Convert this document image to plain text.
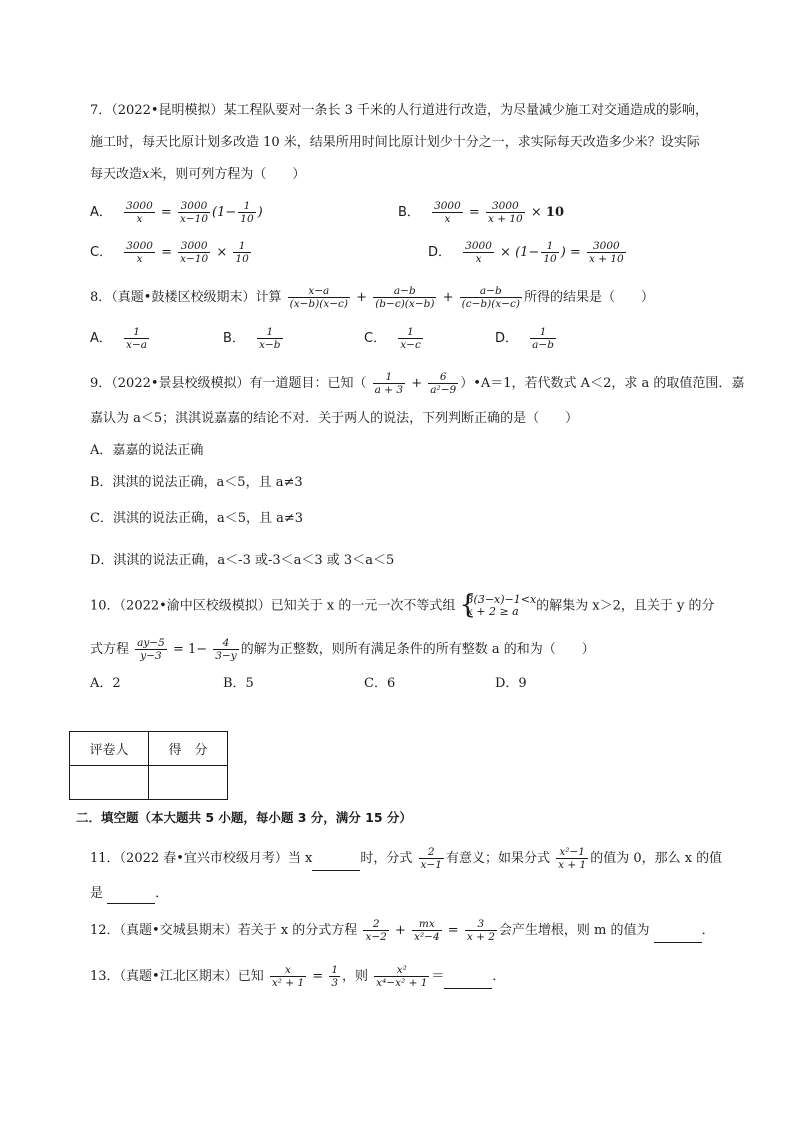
7．（2022•昆明模拟）某工程队要对一条长 3 千米的人行道进行改造，为尽量减少施工对交通造成的影响，
施工时，每天比原计划多改造 10 米，结果所用时间比原计划少十分之一，求实际每天改造多少米？设实际
每天改造x米，则可列方程为（　　）
A． $\frac{3000}{x} = \frac{3000}{x-10} (1- \frac{1}{10}$ )	B． $\frac{3000}{x} = \frac{3000}{x + 10} \times 10$
C． $\frac{3000}{x} = \frac{3000}{x-10} \times \frac{1}{10}$	D． $\frac{3000}{x} \times (1- \frac{1}{10}$ ) = $\frac{3000}{x + 10}$
8．（真题•鼓楼区校级期末）计算 $\frac{x-a}{(x-b)(x-c)} + \frac{a-b}{(b-c)(x-b)} + \frac{a-b}{(c-b)(x-c)}$ 所得的结果是（　　）
A． $\frac{1}{x-a}$	B． $\frac{1}{x-b}$	C． $\frac{1}{x-c}$	D． $\frac{1}{a-b}$
9．（2022•景县校级模拟）有一道题目：已知（ $\frac{1}{a + 3} + \frac{6}{\text{a²−9}}$ ）•A＝1，若代数式 A＜2，求 a 的取值范围．嘉
嘉认为 a＜5；淇淇说嘉嘉的结论不对．关于两人的说法，下列判断正确的是（　　）
A．嘉嘉的说法正确
B．淇淇的说法正确，a＜5，且 a≠3
C．淇淇的说法正确，a＜5，且 a≠3
D．淇淇的说法正确，a＜-3 或-3＜a＜3 或 3＜a＜5
10．（2022•渝中区校级模拟）已知关于 x 的一元一次不等式组 {
3(3−x)−1<x
x + 2 ≥ a	的解集为 x＞2，且关于 y 的分
式方程 $\frac{ay-5}{y-3} = 1- \frac{4}{3-y}$ 的解为正整数，则所有满足条件的所有整数 a 的和为（　　）
A．2	B．5	C．6	D．9
评卷人	得　分

二．填空题（本大题共 5 小题，每小题 3 分，满分 15 分）
11．（2022 春•宜兴市校级月考）当 x	时，分式 $\frac{2}{x-1}$ 有意义；如果分式 $\frac{\text{x²−1}}{x + 1}$ 的值为 0，那么 x 的值
是	．
12．（真题•交城县期末）若关于 x 的分式方程 $\frac{2}{x-2} + \frac{mx}{\text{x²−4}} = \frac{3}{x + 2}$ 会产生增根，则 m 的值为	．
13．（真题•江北区期末）已知 $\frac{x}{\text{x² + 1}} = \frac{1}{3}$ ，则 $\frac{\text{x²}}{\text{x⁴−x² + 1}}$ ＝	．
